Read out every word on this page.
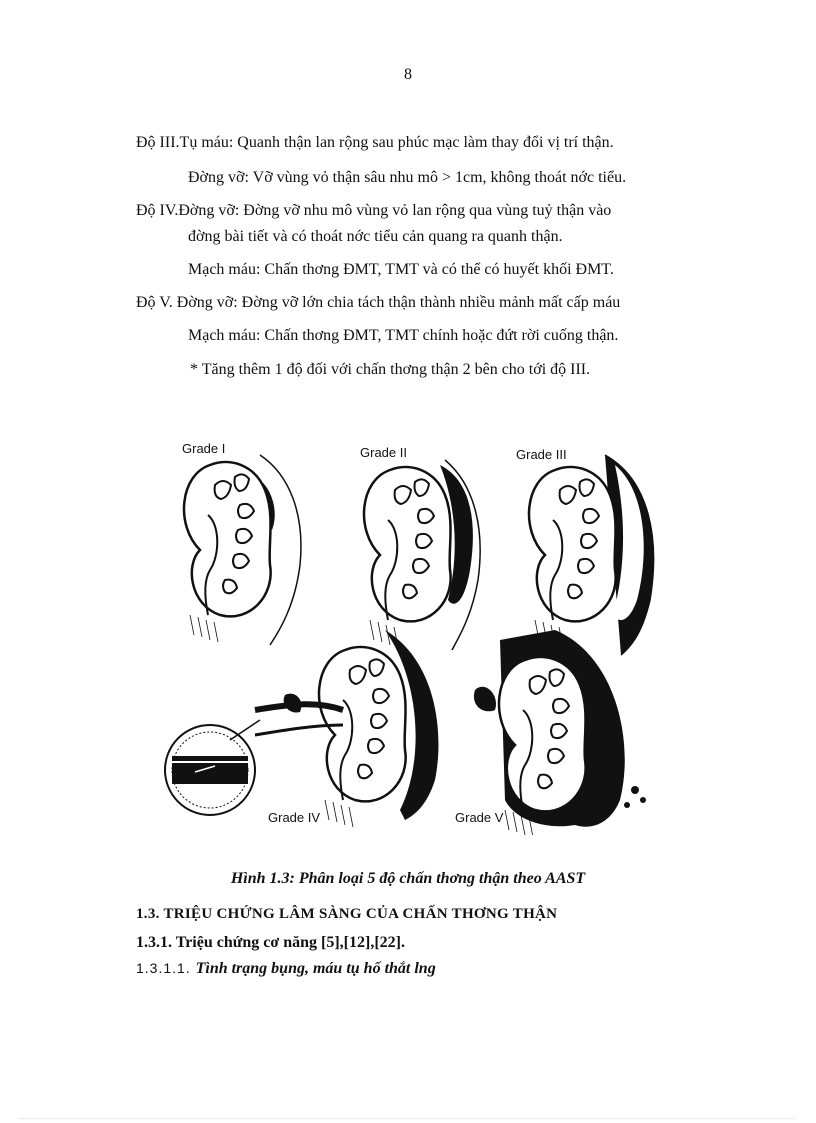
8
Độ III.Tụ máu: Quanh thận lan rộng sau phúc mạc làm thay đổi vị trí thận.
Đờng vỡ: Vỡ vùng vỏ thận sâu nhu mô > 1cm, không thoát nớc tiểu.
Độ IV.Đờng vỡ: Đờng vỡ nhu mô vùng vỏ lan rộng qua vùng tuỷ thận vào
đờng bài tiết và có thoát nớc tiểu cản quang ra quanh thận.
Mạch máu: Chấn thơng ĐMT, TMT và có thể có huyết khối ĐMT.
Độ V. Đờng vỡ: Đờng vỡ lớn chia tách thận thành nhiều mảnh mất cấp máu
Mạch máu: Chấn thơng ĐMT, TMT chính hoặc đứt rời cuống thận.
* Tăng thêm 1 độ đối với chấn thơng thận 2 bên cho tới độ III.
Grade I	Grade II	Grade III
Grade IV	Grade V
Hình 1.3: Phân loại 5 độ chấn thơng thận theo AAST
1.3. TRIỆU CHỨNG LÂM SÀNG CỦA CHẤN THƠNG THẬN
1.3.1. Triệu chứng cơ năng [5],[12],[22].
1.3.1.1. Tình trạng bụng, máu tụ hố thắt lng
